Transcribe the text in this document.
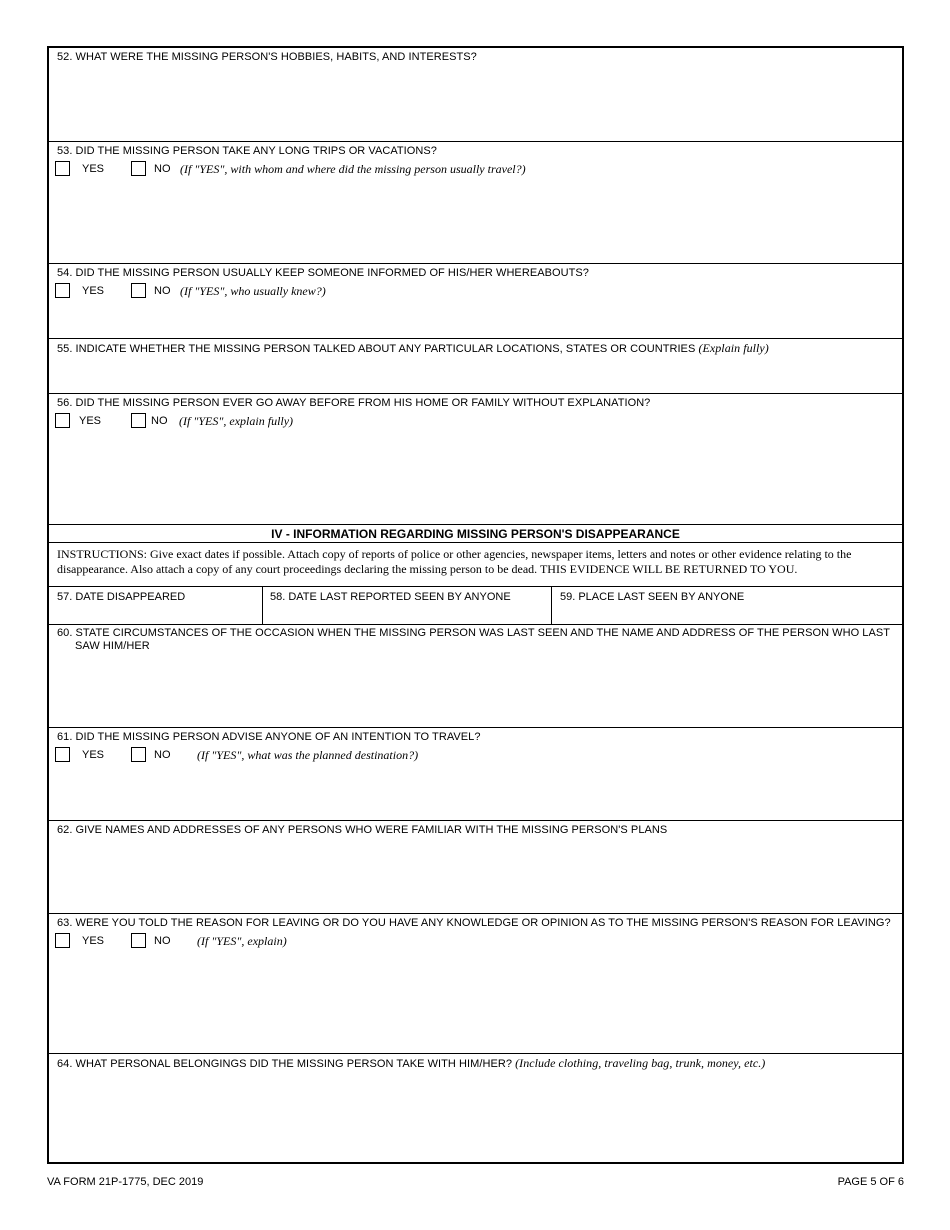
52. WHAT WERE THE MISSING PERSON'S HOBBIES, HABITS, AND INTERESTS?
53. DID THE MISSING PERSON TAKE ANY LONG TRIPS OR VACATIONS?
YES	NO (If "YES", with whom and where did the missing person usually travel?)
54. DID THE MISSING PERSON USUALLY KEEP SOMEONE INFORMED OF HIS/HER WHEREABOUTS?
YES	NO (If "YES", who usually knew?)
55. INDICATE WHETHER THE MISSING PERSON TALKED ABOUT ANY PARTICULAR LOCATIONS, STATES OR COUNTRIES (Explain fully)
56. DID THE MISSING PERSON EVER GO AWAY BEFORE FROM HIS HOME OR FAMILY WITHOUT EXPLANATION?
YES	NO (If "YES", explain fully)
IV - INFORMATION REGARDING MISSING PERSON'S DISAPPEARANCE
INSTRUCTIONS: Give exact dates if possible. Attach copy of reports of police or other agencies, newspaper items, letters and notes or other evidence relating to the disappearance. Also attach a copy of any court proceedings declaring the missing person to be dead. THIS EVIDENCE WILL BE RETURNED TO YOU.
57. DATE DISAPPEARED	58. DATE LAST REPORTED SEEN BY ANYONE	59. PLACE LAST SEEN BY ANYONE
60. STATE CIRCUMSTANCES OF THE OCCASION WHEN THE MISSING PERSON WAS LAST SEEN AND THE NAME AND ADDRESS OF THE PERSON WHO LAST
SAW HIM/HER
61. DID THE MISSING PERSON ADVISE ANYONE OF AN INTENTION TO TRAVEL?
YES	NO (If "YES", what was the planned destination?)
62. GIVE NAMES AND ADDRESSES OF ANY PERSONS WHO WERE FAMILIAR WITH THE MISSING PERSON'S PLANS
63. WERE YOU TOLD THE REASON FOR LEAVING OR DO YOU HAVE ANY KNOWLEDGE OR OPINION AS TO THE MISSING PERSON'S REASON FOR LEAVING?
YES	NO (If "YES", explain)
64. WHAT PERSONAL BELONGINGS DID THE MISSING PERSON TAKE WITH HIM/HER? (Include clothing, traveling bag, trunk, money, etc.)
VA FORM 21P-1775, DEC 2019	PAGE 5 OF 6
